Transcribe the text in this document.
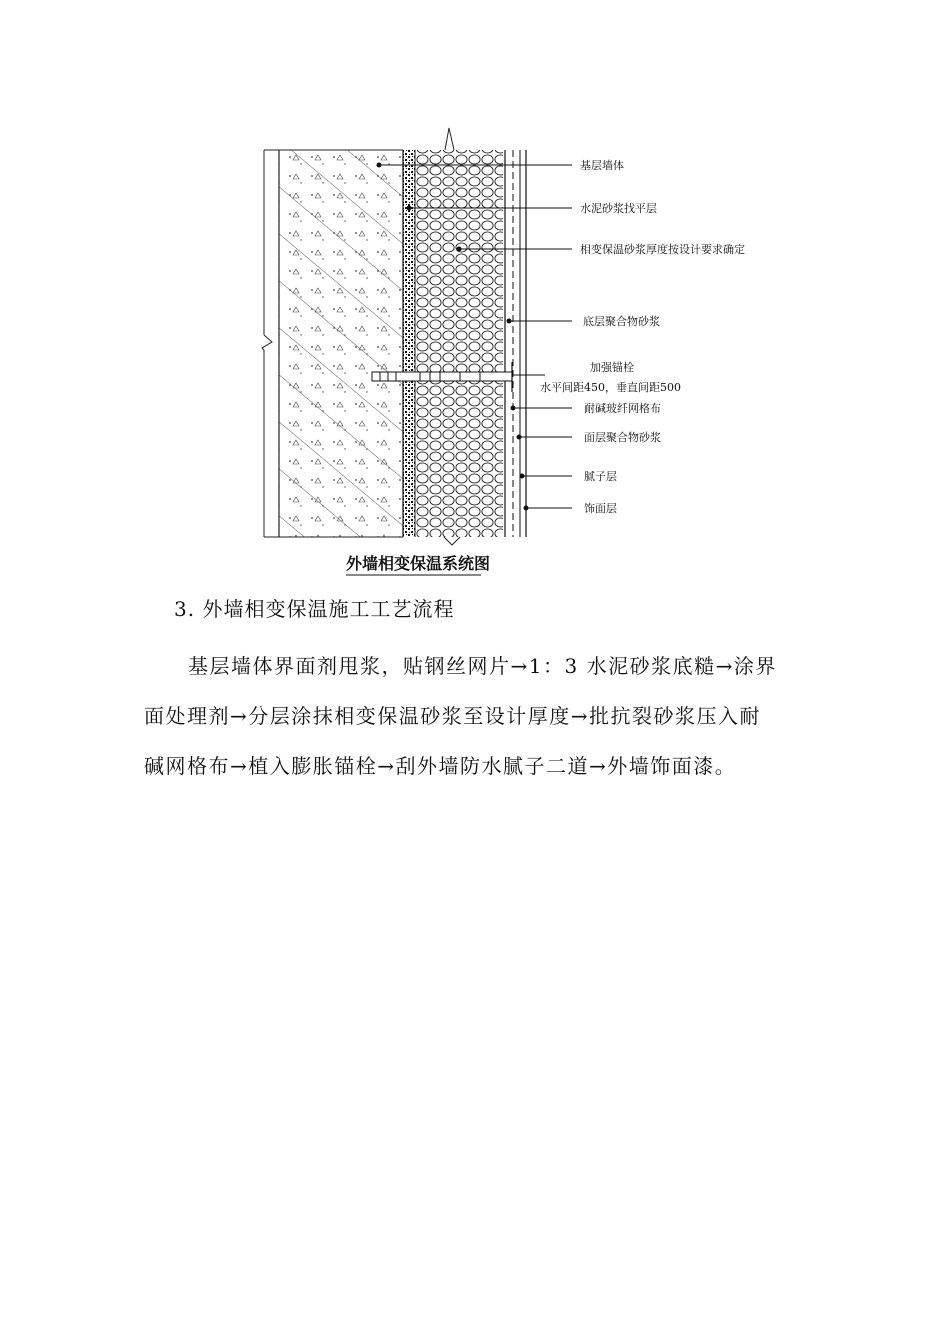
基层墙体
水泥砂浆找平层
相变保温砂浆厚度按设计要求确定
底层聚合物砂浆
加强锚栓
水平间距450，垂直间距500
耐碱玻纤网格布
面层聚合物砂浆
腻子层
饰面层
外墙相变保温系统图
3. 外墙相变保温施工工艺流程
基层墙体界面剂甩浆，贴钢丝网片→1：3 水泥砂浆底糙→涂界
面处理剂→分层涂抹相变保温砂浆至设计厚度→批抗裂砂浆压入耐
碱网格布→植入膨胀锚栓→刮外墙防水腻子二道→外墙饰面漆。
